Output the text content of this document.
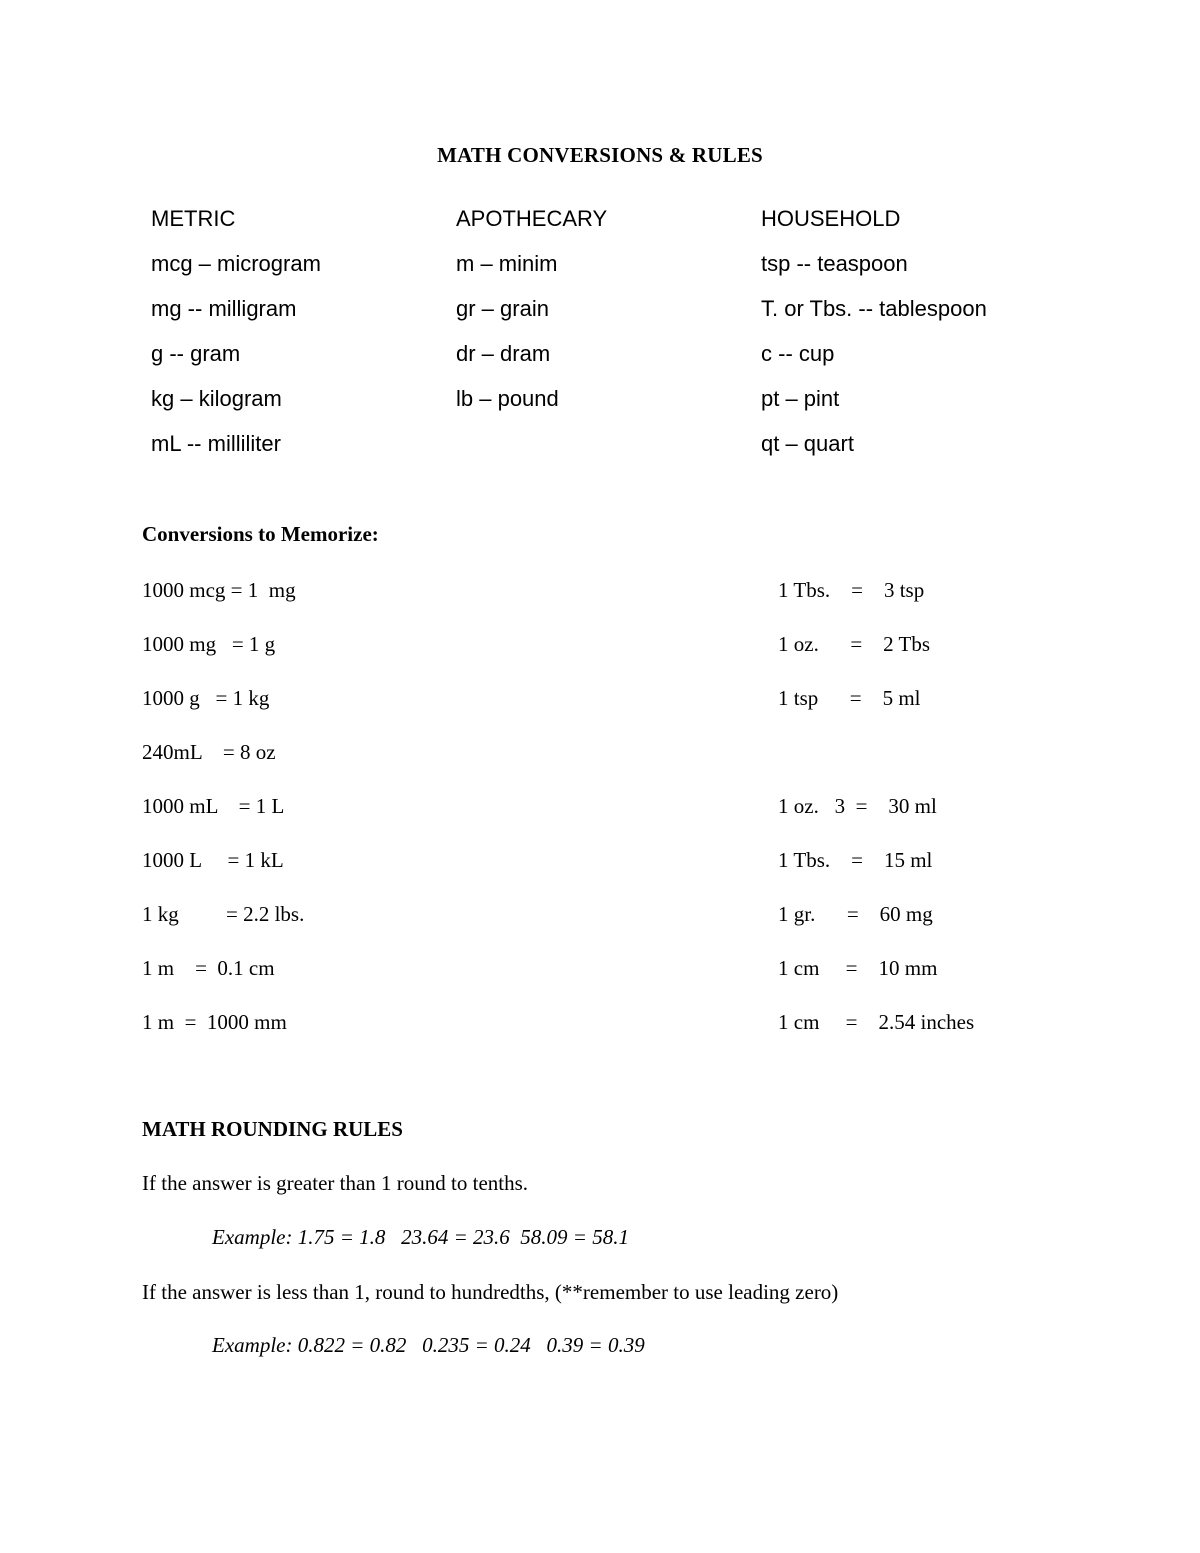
MATH CONVERSIONS & RULES
METRIC
mcg – microgram
mg -- milligram
g -- gram
kg – kilogram
mL -- milliliter
APOTHECARY
m – minim
gr – grain
dr – dram
lb – pound
HOUSEHOLD
tsp -- teaspoon
T. or Tbs. -- tablespoon
c -- cup
pt – pint
qt – quart
Conversions to Memorize:
1000 mcg = 1  mg
1000 mg   = 1 g
1000 g   = 1 kg
240mL    = 8 oz
1000 mL    = 1 L
1000 L     = 1 kL
1 kg         = 2.2 lbs.
1 m    =  0.1 cm
1 m  =  1000 mm
1 Tbs.    =    3 tsp
1 oz.      =    2 Tbs
1 tsp      =    5 ml
1 oz.   3  =    30 ml
1 Tbs.    =    15 ml
1 gr.      =    60 mg
1 cm     =    10 mm
1 cm     =    2.54 inches
MATH ROUNDING RULES
If the answer is greater than 1 round to tenths.
Example: 1.75 = 1.8   23.64 = 23.6  58.09 = 58.1
If the answer is less than 1, round to hundredths, (**remember to use leading zero)
Example: 0.822 = 0.82   0.235 = 0.24   0.39 = 0.39
